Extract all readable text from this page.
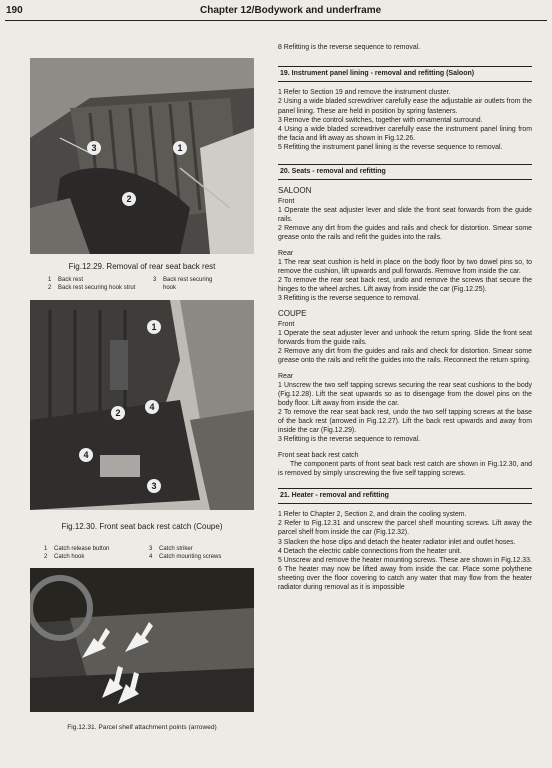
190	Chapter 12/Bodywork and underframe
3	1
2
Fig.12.29. Removal of rear seat back rest
1	Back rest	3	Back rest securing
2	Back rest securing hook strut	hook
1
2
4
4
3
Fig.12.30. Front seat back rest catch (Coupe)
1	Catch release button	3	Catch striker
2	Catch hook	4	Catch mounting screws
Fig.12.31. Parcel shelf attachment points (arrowed)

8 Refitting is the reverse sequence to removal.

19. Instrument panel lining - removal and refitting (Saloon)

1 Refer to Section 19 and remove the instrument cluster.

2 Using a wide bladed screwdriver carefully ease the adjustable air outlets from the panel lining. These are held in position by spring fasteners.

3 Remove the control switches, together with ornamental surround.

4 Using a wide bladed screwdriver carefully ease the instrument panel lining from the facia and lift away as shown in Fig.12.26.

5 Refitting the instrument panel lining is the reverse sequence to removal.

20. Seats - removal and refitting

SALOON

Front

1 Operate the seat adjuster lever and slide the front seat forwards from the guide rails.

2 Remove any dirt from the guides and rails and check for distortion. Smear some grease onto the rails and refit the guides into the rails.

Rear

1 The rear seat cushion is held in place on the body floor by two dowel pins so, to remove the cushion, lift upwards and pull forwards. Remove from inside the car.

2 To remove the rear seat back rest, undo and remove the screws that secure the hinges to the wheel arches. Lift away from inside the car (Fig.12.25).

3 Refitting is the reverse sequence to removal.

COUPE

Front

1 Operate the seat adjuster lever and unhook the return spring. Slide the front seat forwards from the guide rails.

2 Remove any dirt from the guides and rails and check for distortion. Smear some grease onto the rails and refit the guides into the rails. Reconnect the return spring.

Rear

1 Unscrew the two self tapping screws securing the rear seat cushions to the body (Fig.12.28). Lift the seat upwards so as to disengage from the dowel pins on the body floor. Lift away from inside the car.

2 To remove the rear seat back rest, undo the two self tapping screws at the base of the back rest (arrowed in Fig.12.27). Lift the back rest upwards and away from inside the car (Fig.12.29).

3 Refitting is the reverse sequence to removal.

Front seat back rest catch

The component parts of front seat back rest catch are shown in Fig.12.30, and is removed by simply unscrewing the five self tapping screws.

21. Heater - removal and refitting

1 Refer to Chapter 2, Section 2, and drain the cooling system.

2 Refer to Fig.12.31 and unscrew the parcel shelf mounting screws. Lift away the parcel shelf from inside the car (Fig.12.32).

3 Slacken the hose clips and detach the heater radiator inlet and outlet hoses.

4 Detach the electric cable connections from the heater unit.

5 Unscrew and remove the heater mounting screws. These are shown in Fig.12.33.

6 The heater may now be lifted away from inside the car. Place some polythene sheeting over the floor covering to catch any water that may flow from the heater radiator during removal as it is impossible
